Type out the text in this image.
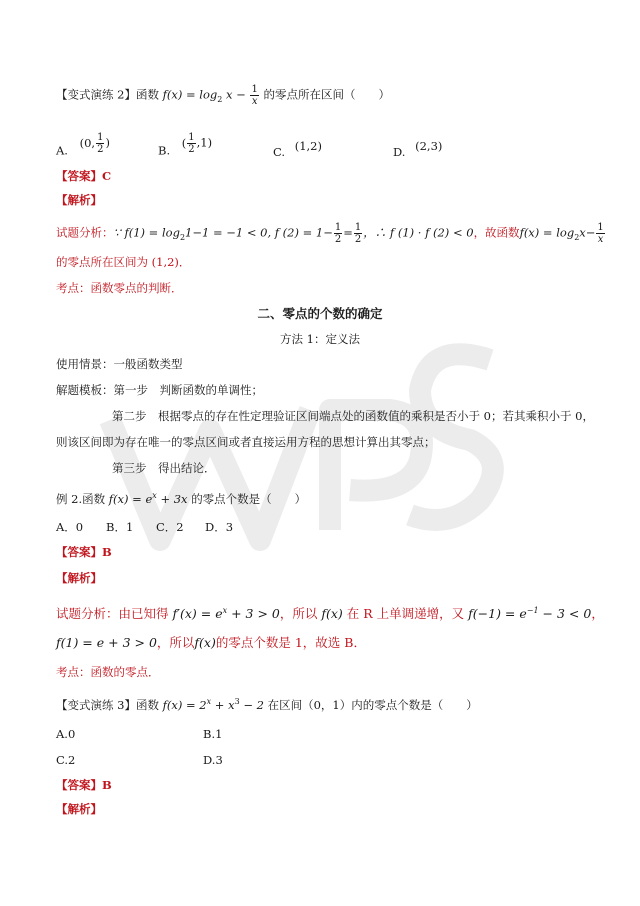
【变式演练 2】函数 $f(x) = \log_2 x - \frac{1}{x}$ 的零点所在区间（　　）
A. (0, $\frac{1}{2}$ )
B. ( $\frac{1}{2} ,1$)
C. (1,2)	D. (2,3)
【答案】C
【解析】
试题分析：∵ $f(1) = \log_21-1 = -1 < 0$, f $(2) = 1- \frac{1}{2} = \frac{1}{2}$ ，∴ f (1) · f (2) < 0，故函数$f(x) = \log_2x- \frac{1}{x}$
的零点所在区间为 (1,2)．
考点：函数零点的判断．
二、零点的个数的确定
方法 1：定义法
使用情景：一般函数类型
解题模板：第一步　判断函数的单调性；
第二步　根据零点的存在性定理验证区间端点处的函数值的乘积是否小于 0；若其乘积小于 0，
则该区间即为存在唯一的零点区间或者直接运用方程的思想计算出其零点；
第三步　得出结论．
例 2.函数 $f(x) = e^x + 3x$ 的零点个数是（　　）
A．0 B．1 C．2 D．3
【答案】B
【解析】
试题分析：由已知得 $f'(x) = e^x + 3 > 0$，所以 f(x) 在 R 上单调递增，又 $f(-1) = e^{-1} - 3 < 0$，
f(1) = e + 3 > 0，所以f(x)的零点个数是 1，故选 B．
考点：函数的零点．
【变式演练 3】函数 $f(x) = 2^x + x^3 - 2$ 在区间（0，1）内的零点个数是（　　）
A.0	B.1
C.2	D.3
【答案】B
【解析】
